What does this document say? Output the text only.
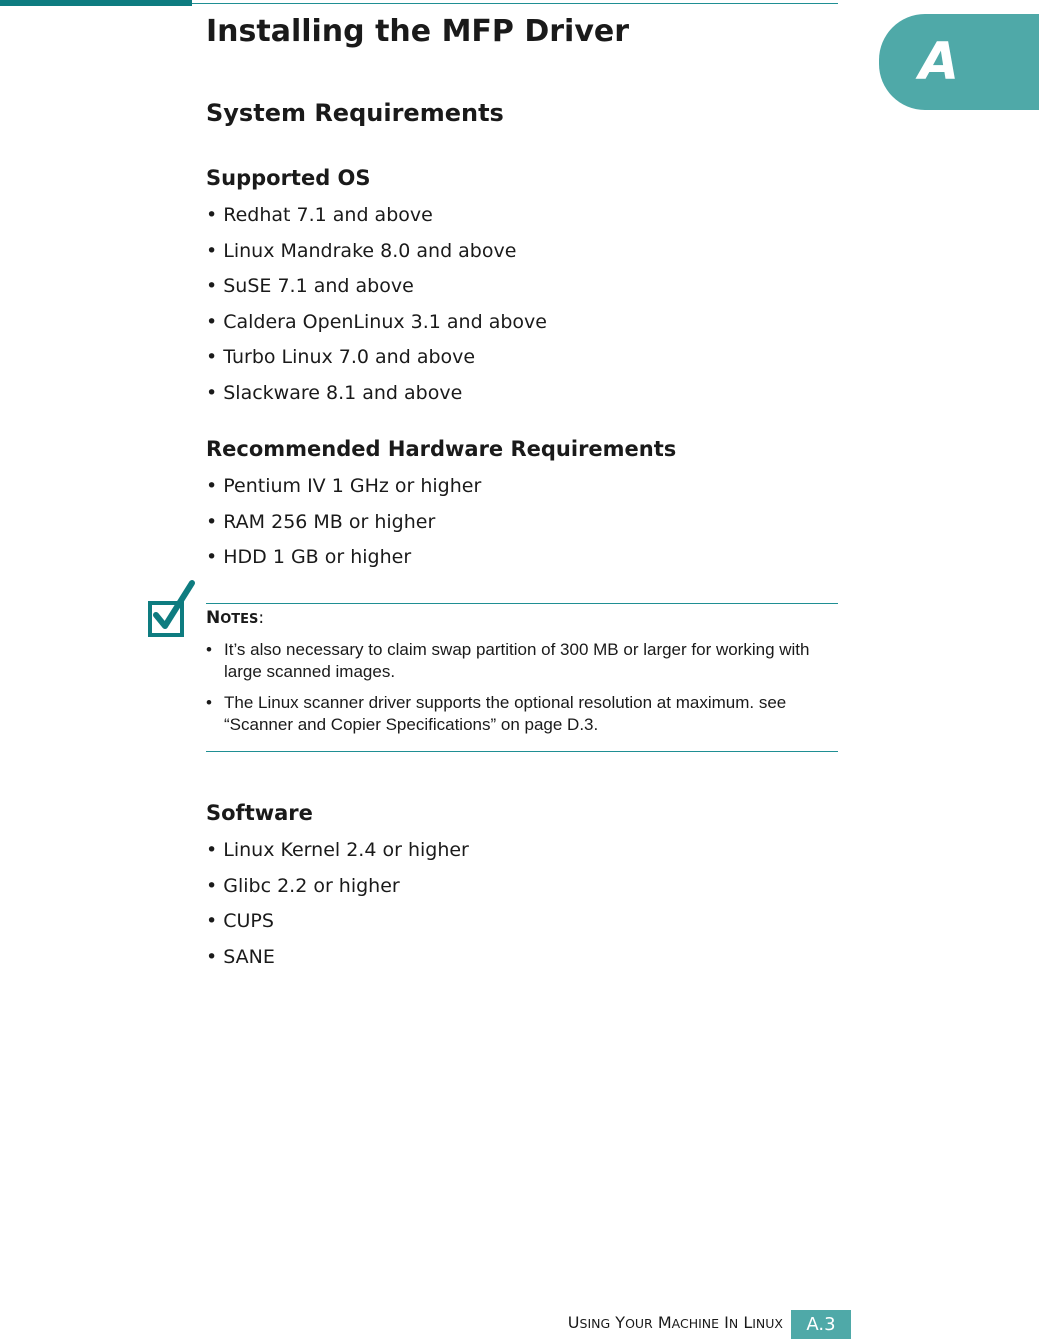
A
Installing the MFP Driver
System Requirements
Supported OS
• Redhat 7.1 and above
• Linux Mandrake 8.0 and above
• SuSE 7.1 and above
• Caldera OpenLinux 3.1 and above
• Turbo Linux 7.0 and above
• Slackware 8.1 and above
Recommended Hardware Requirements
• Pentium IV 1 GHz or higher
• RAM 256 MB or higher
• HDD 1 GB or higher
Software
• Linux Kernel 2.4 or higher
• Glibc 2.2 or higher
• CUPS
• SANE

NOTES:

• It’s also necessary to claim swap partition of 300 MB or larger for working with large scanned images.
• The Linux scanner driver supports the optional resolution at maximum. see “Scanner and Copier Specifications” on page D.3.
USING YOUR MACHINE IN LINUX	A.3
